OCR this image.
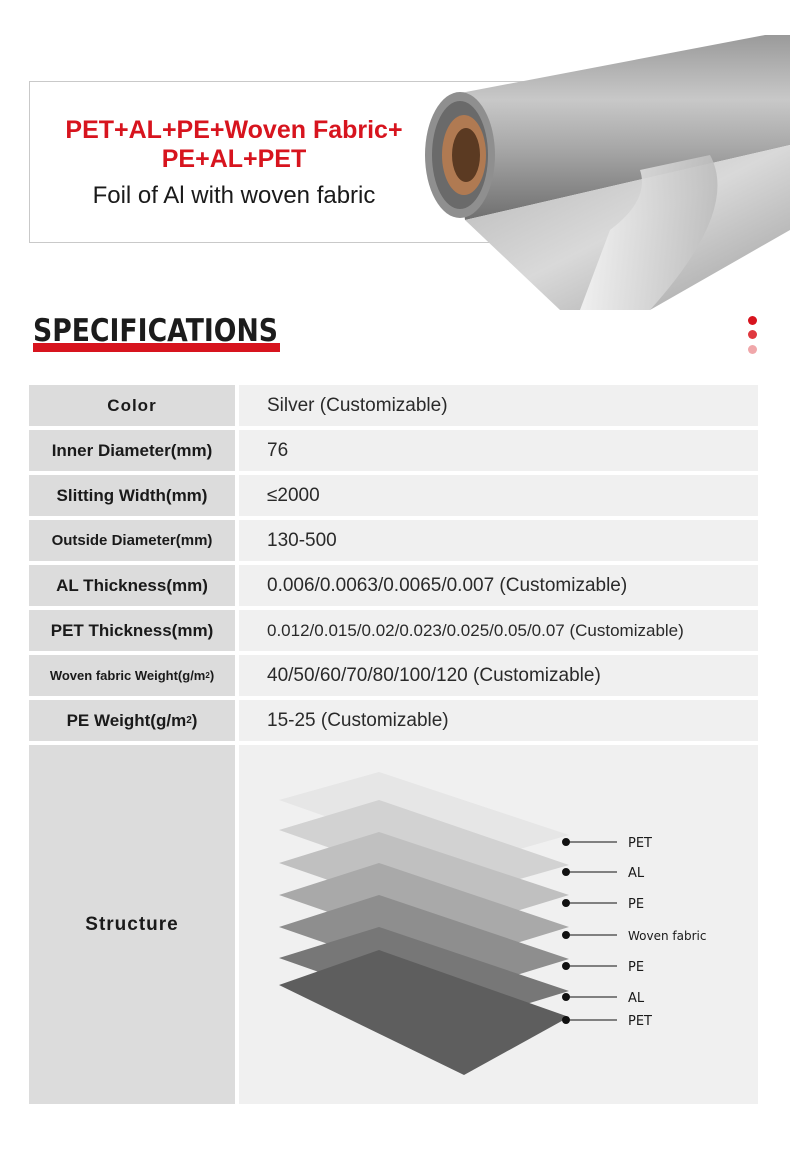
PET+AL+PE+Woven Fabric+
PE+AL+PET
Foil of Al with woven fabric
SPECIFICATIONS
Color	Silver (Customizable)
Inner Diameter(mm)	76
Slitting Width(mm)	≤2000
Outside Diameter(mm)	130-500
AL Thickness(mm)	0.006/0.0063/0.0065/0.007 (Customizable)
PET Thickness(mm)	0.012/0.015/0.02/0.023/0.025/0.05/0.07 (Customizable)
Woven fabric Weight(g/m 2 )	40/50/60/70/80/100/120 (Customizable)
PE Weight(g/m 2 )	15-25 (Customizable)
Structure
PET
AL
PE
Woven fabric
PE
AL
PET
